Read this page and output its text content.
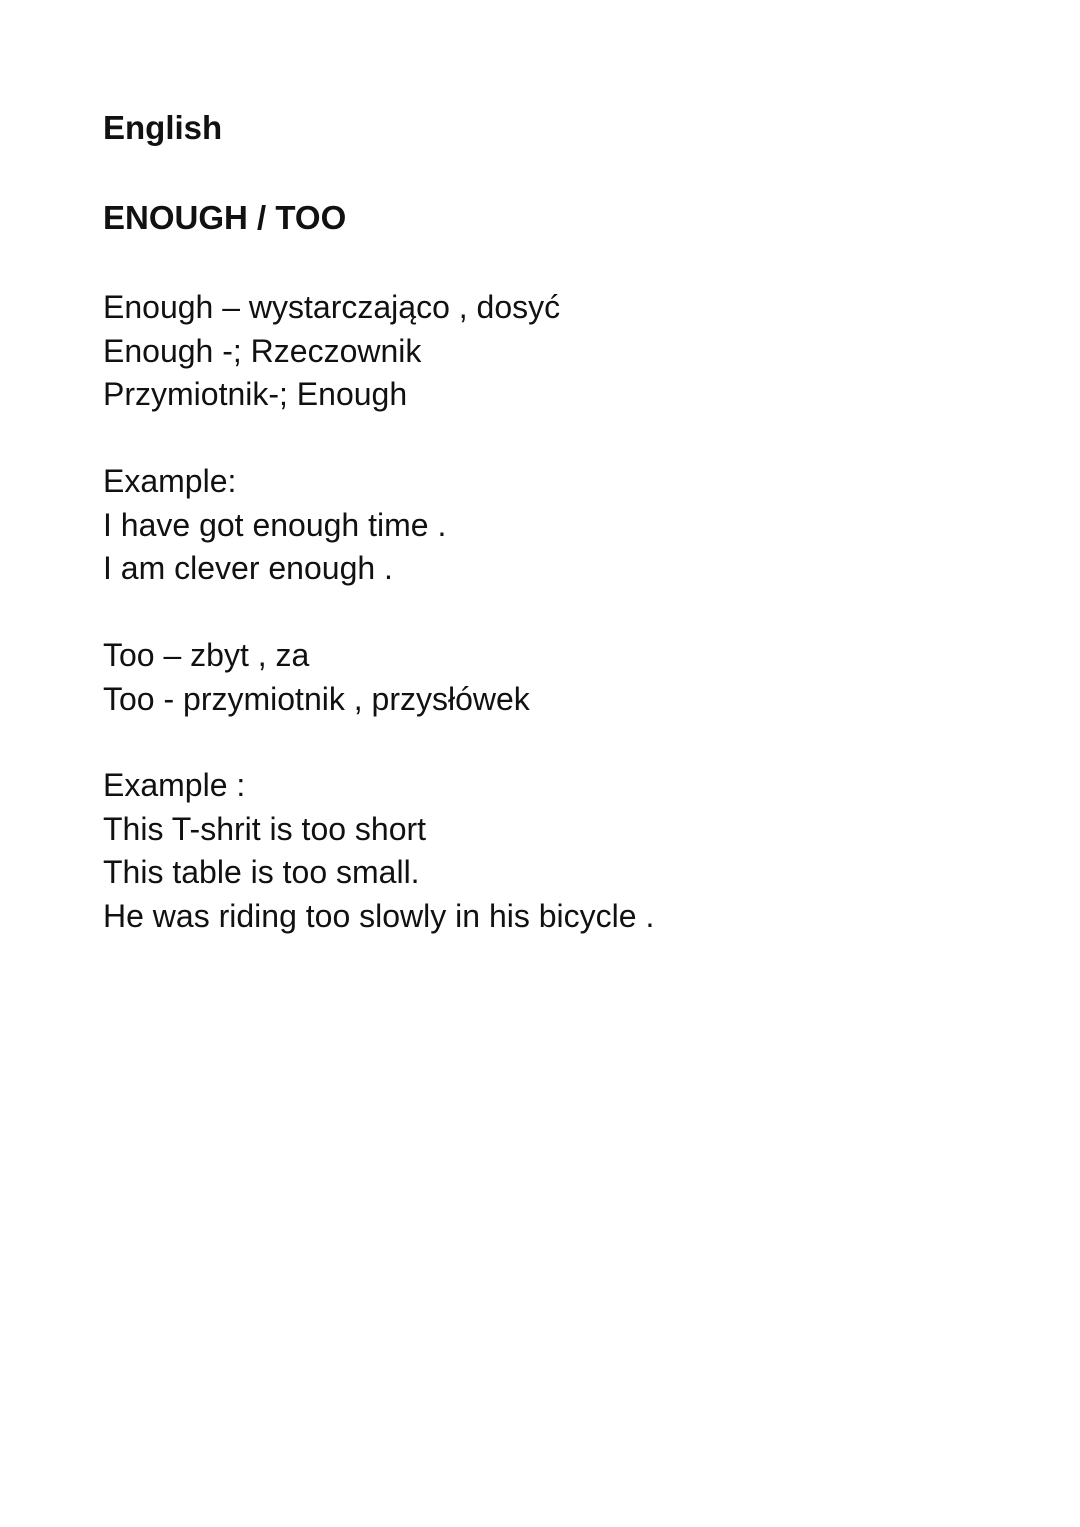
English
ENOUGH / TOO
Enough – wystarczająco , dosyć
Enough -; Rzeczownik
Przymiotnik-; Enough
Example:
I have got enough time .
I am clever enough .
Too – zbyt , za
Too - przymiotnik , przysłówek
Example :
This T-shrit is too short
This table is too small.
He was riding too slowly in his bicycle .
